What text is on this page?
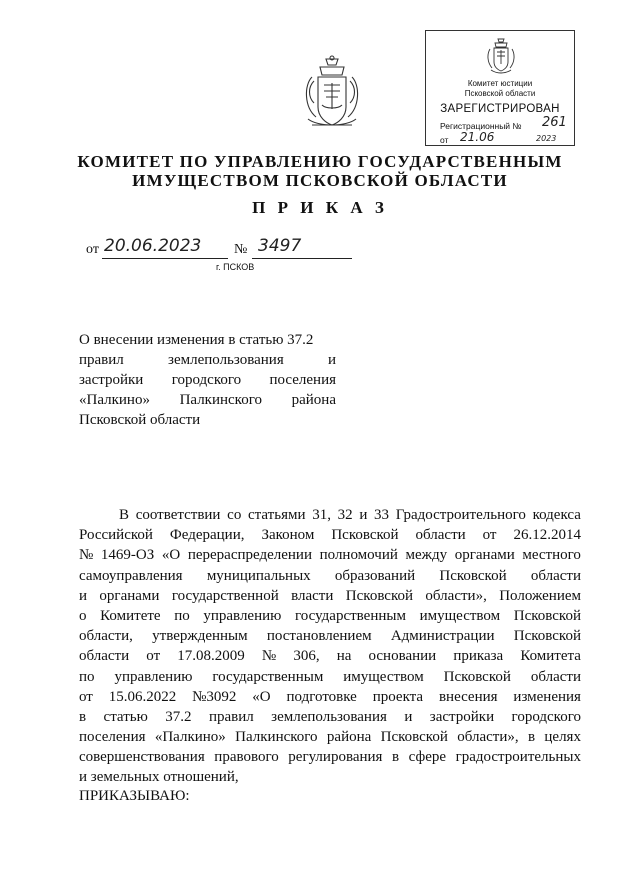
Комитет юстиции
Псковской области
ЗАРЕГИСТРИРОВАН
Регистрационный № 261
от 21.06	2023
КОМИТЕТ ПО УПРАВЛЕНИЮ ГОСУДАРСТВЕННЫМ
ИМУЩЕСТВОМ ПСКОВСКОЙ ОБЛАСТИ
П Р И К А З
от 20.06.2023 № 3497
г. ПСКОВ
О внесении изменения в статью 37.2
правил	землепользования	и
застройки городского поселения
«Палкино» Палкинского района
Псковской области
В соответствии со статьями 31, 32 и 33 Градостроительного кодекса
Российской Федерации, Законом Псковской области от 26.12.2014
№ 1469-ОЗ «О перераспределении полномочий между органами местного
самоуправления муниципальных образований Псковской области
и органами государственной власти Псковской области», Положением
о Комитете по управлению государственным имуществом Псковской
области, утвержденным постановлением Администрации Псковской
области от 17.08.2009 № 306, на основании приказа Комитета
по управлению государственным имуществом Псковской области
от 15.06.2022 №3092 «О подготовке проекта внесения изменения
в статью 37.2 правил землепользования и застройки городского
поселения «Палкино» Палкинского района Псковской области», в целях
совершенствования правового регулирования в сфере градостроительных
и земельных отношений,
ПРИКАЗЫВАЮ:
